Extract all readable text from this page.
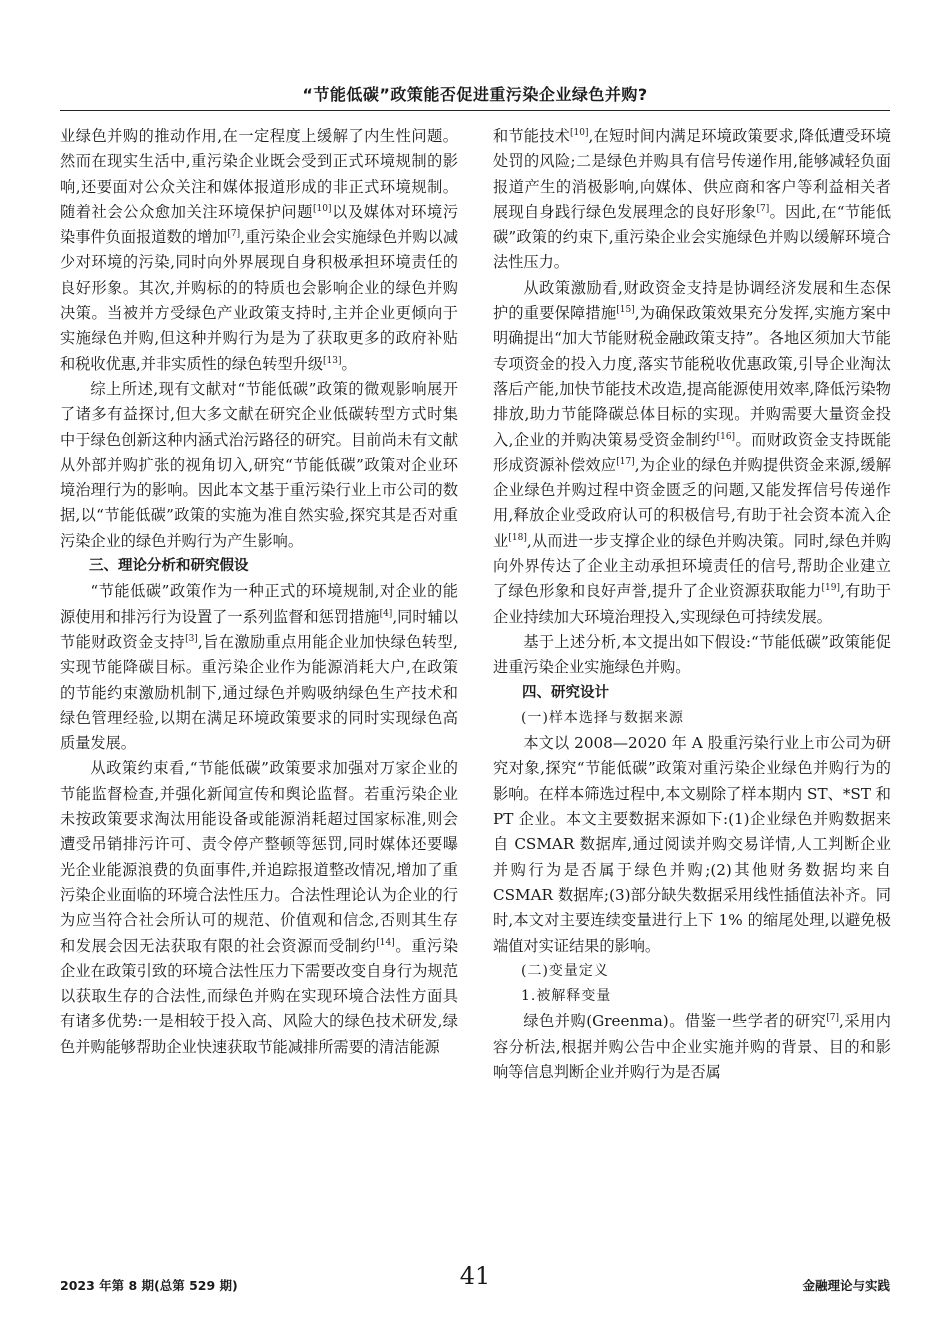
“节能低碳”政策能否促进重污染企业绿色并购?

业绿色并购的推动作用,在一定程度上缓解了内生性问题。然而在现实生活中,重污染企业既会受到正式环境规制的影响,还要面对公众关注和媒体报道形成的非正式环境规制。随着社会公众愈加关注环境保护问题[10]以及媒体对环境污染事件负面报道数的增加[7],重污染企业会实施绿色并购以减少对环境的污染,同时向外界展现自身积极承担环境责任的良好形象。其次,并购标的的特质也会影响企业的绿色并购决策。当被并方受绿色产业政策支持时,主并企业更倾向于实施绿色并购,但这种并购行为是为了获取更多的政府补贴和税收优惠,并非实质性的绿色转型升级[13]。

综上所述,现有文献对“节能低碳”政策的微观影响展开了诸多有益探讨,但大多文献在研究企业低碳转型方式时集中于绿色创新这种内涵式治污路径的研究。目前尚未有文献从外部并购扩张的视角切入,研究“节能低碳”政策对企业环境治理行为的影响。因此本文基于重污染行业上市公司的数据,以“节能低碳”政策的实施为准自然实验,探究其是否对重污染企业的绿色并购行为产生影响。

三、理论分析和研究假设

“节能低碳”政策作为一种正式的环境规制,对企业的能源使用和排污行为设置了一系列监督和惩罚措施[4],同时辅以节能财政资金支持[3],旨在激励重点用能企业加快绿色转型,实现节能降碳目标。重污染企业作为能源消耗大户,在政策的节能约束激励机制下,通过绿色并购吸纳绿色生产技术和绿色管理经验,以期在满足环境政策要求的同时实现绿色高质量发展。

从政策约束看,“节能低碳”政策要求加强对万家企业的节能监督检查,并强化新闻宣传和舆论监督。若重污染企业未按政策要求淘汰用能设备或能源消耗超过国家标准,则会遭受吊销排污许可、责令停产整顿等惩罚,同时媒体还要曝光企业能源浪费的负面事件,并追踪报道整改情况,增加了重污染企业面临的环境合法性压力。合法性理论认为企业的行为应当符合社会所认可的规范、价值观和信念,否则其生存和发展会因无法获取有限的社会资源而受制约[14]。重污染企业在政策引致的环境合法性压力下需要改变自身行为规范以获取生存的合法性,而绿色并购在实现环境合法性方面具有诸多优势:一是相较于投入高、风险大的绿色技术研发,绿色并购能够帮助企业快速获取节能减排所需要的清洁能源

和节能技术[10],在短时间内满足环境政策要求,降低遭受环境处罚的风险;二是绿色并购具有信号传递作用,能够减轻负面报道产生的消极影响,向媒体、供应商和客户等利益相关者展现自身践行绿色发展理念的良好形象[7]。因此,在“节能低碳”政策的约束下,重污染企业会实施绿色并购以缓解环境合法性压力。

从政策激励看,财政资金支持是协调经济发展和生态保护的重要保障措施[15],为确保政策效果充分发挥,实施方案中明确提出“加大节能财税金融政策支持”。各地区须加大节能专项资金的投入力度,落实节能税收优惠政策,引导企业淘汰落后产能,加快节能技术改造,提高能源使用效率,降低污染物排放,助力节能降碳总体目标的实现。并购需要大量资金投入,企业的并购决策易受资金制约[16]。而财政资金支持既能形成资源补偿效应[17],为企业的绿色并购提供资金来源,缓解企业绿色并购过程中资金匮乏的问题,又能发挥信号传递作用,释放企业受政府认可的积极信号,有助于社会资本流入企业[18],从而进一步支撑企业的绿色并购决策。同时,绿色并购向外界传达了企业主动承担环境责任的信号,帮助企业建立了绿色形象和良好声誉,提升了企业资源获取能力[19],有助于企业持续加大环境治理投入,实现绿色可持续发展。

基于上述分析,本文提出如下假设:“节能低碳”政策能促进重污染企业实施绿色并购。

四、研究设计
(一)样本选择与数据来源

本文以 2008—2020 年 A 股重污染行业上市公司为研究对象,探究“节能低碳”政策对重污染企业绿色并购行为的影响。在样本筛选过程中,本文剔除了样本期内 ST、*ST 和 PT 企业。本文主要数据来源如下:(1)企业绿色并购数据来自 CSMAR 数据库,通过阅读并购交易详情,人工判断企业并购行为是否属于绿色并购;(2)其他财务数据均来自 CSMAR 数据库;(3)部分缺失数据采用线性插值法补齐。同时,本文对主要连续变量进行上下 1% 的缩尾处理,以避免极端值对实证结果的影响。

(二)变量定义
1.被解释变量

绿色并购(Greenma)。借鉴一些学者的研究[7],采用内容分析法,根据并购公告中企业实施并购的背景、目的和影响等信息判断企业并购行为是否属

2023 年第 8 期(总第 529 期)	41	金融理论与实践
